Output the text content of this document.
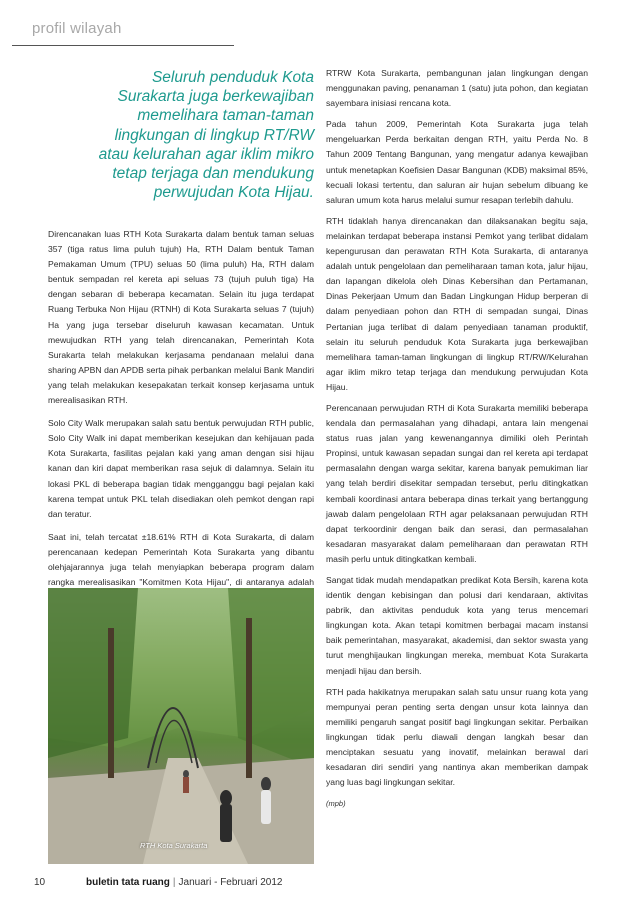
profil wilayah
Seluruh penduduk Kota
Surakarta juga berkewajiban
memelihara taman-taman
lingkungan di lingkup RT/RW
atau kelurahan agar iklim mikro
tetap terjaga dan mendukung
perwujudan Kota Hijau.

Direncanakan luas RTH Kota Surakarta dalam bentuk taman seluas 357 (tiga ratus lima puluh tujuh) Ha, RTH Dalam bentuk Taman Pemakaman Umum (TPU) seluas 50 (lima puluh) Ha, RTH dalam bentuk sempadan rel kereta api seluas 73 (tujuh puluh tiga) Ha dengan sebaran di beberapa kecamatan. Selain itu juga terdapat Ruang Terbuka Non Hijau (RTNH) di Kota Surakarta seluas 7 (tujuh) Ha yang juga tersebar diseluruh kawasan kecamatan. Untuk mewujudkan RTH yang telah direncanakan, Pemerintah Kota Surakarta telah melakukan kerjasama pendanaan melalui dana sharing APBN dan APDB serta pihak perbankan melalui Bank Mandiri yang telah melakukan kesepakatan terkait konsep kerjasama untuk merealisasikan RTH.

Solo City Walk merupakan salah satu bentuk perwujudan RTH public, Solo City Walk ini dapat memberikan kesejukan dan kehijauan pada Kota Surakarta, fasilitas pejalan kaki yang aman dengan sisi hijau kanan dan kiri dapat memberikan rasa sejuk di dalamnya. Selain itu lokasi PKL di beberapa bagian tidak mengganggu bagi pejalan kaki karena tempat untuk PKL telah disediakan oleh pemkot dengan rapi dan teratur.

Saat ini, telah tercatat ±18.61% RTH di Kota Surakarta, di dalam perencanaan kedepan Pemerintah Kota Surakarta yang dibantu olehjajarannya juga telah menyiapkan beberapa program dalam rangka merealisasikan "Komitmen Kota Hijau", di antaranya adalah

RTH Kota Surakarta

RTRW Kota Surakarta, pembangunan jalan lingkungan dengan menggunakan paving, penanaman 1 (satu) juta pohon, dan kegiatan sayembara inisiasi rencana kota.

Pada tahun 2009, Pemerintah Kota Surakarta juga telah mengeluarkan Perda berkaitan dengan RTH, yaitu Perda No. 8 Tahun 2009 Tentang Bangunan, yang mengatur adanya kewajiban untuk menetapkan Koefisien Dasar Bangunan (KDB) maksimal 85%, kecuali lokasi tertentu, dan saluran air hujan sebelum dibuang ke saluran umum kota harus melalui sumur resapan terlebih dahulu.

RTH tidaklah hanya direncanakan dan dilaksanakan begitu saja, melainkan terdapat beberapa instansi Pemkot yang terlibat didalam kepengurusan dan perawatan RTH Kota Surakarta, di antaranya adalah untuk pengelolaan dan pemeliharaan taman kota, jalur hijau, dan lapangan dikelola oleh Dinas Kebersihan dan Pertamanan, Dinas Pekerjaan Umum dan Badan Lingkungan Hidup berperan di dalam penyediaan pohon dan RTH di sempadan sungai, Dinas Pertanian juga terlibat di dalam penyediaan tanaman produktif, selain itu seluruh penduduk Kota Surakarta juga berkewajiban memelihara taman-taman lingkungan di lingkup RT/RW/Kelurahan agar iklim mikro tetap terjaga dan mendukung perwujudan Kota Hijau.

Perencanaan perwujudan RTH di Kota Surakarta memiliki beberapa kendala dan permasalahan yang dihadapi, antara lain mengenai status ruas jalan yang kewenangannya dimiliki oleh Perintah Propinsi, untuk kawasan sepadan sungai dan rel kereta api terdapat permasalahn dengan warga sekitar, karena banyak pemukiman liar yang telah berdiri disekitar sempadan tersebut, perlu ditingkatkan kembali koordinasi antara beberapa dinas terkait yang bertanggung jawab dalam pengelolaan RTH agar pelaksanaan perwujudan RTH dapat terkoordinir dengan baik dan serasi, dan permasalahan kesadaran masyarakat dalam pemeliharaan dan perawatan RTH masih perlu untuk ditingkatkan kembali.

Sangat tidak mudah mendapatkan predikat Kota Bersih, karena kota identik dengan kebisingan dan polusi dari kendaraan, aktivitas pabrik, dan aktivitas penduduk kota yang terus mencemari lingkungan kota. Akan tetapi komitmen berbagai macam instansi baik pemerintahan, masyarakat, akademisi, dan sektor swasta yang turut menghijaukan lingkungan mereka, membuat Kota Surakarta menjadi hijau dan bersih.

RTH pada hakikatnya merupakan salah satu unsur ruang kota yang mempunyai peran penting serta dengan unsur kota lainnya dan memiliki pengaruh sangat positif bagi lingkungan sekitar. Perbaikan lingkungan tidak perlu diawali dengan langkah besar dan menciptakan sesuatu yang inovatif, melainkan berawal dari kesadaran diri sendiri yang nantinya akan memberikan dampak yang luas bagi lingkungan sekitar.

(mpb)

10	buletin tata ruang | Januari - Februari 2012
